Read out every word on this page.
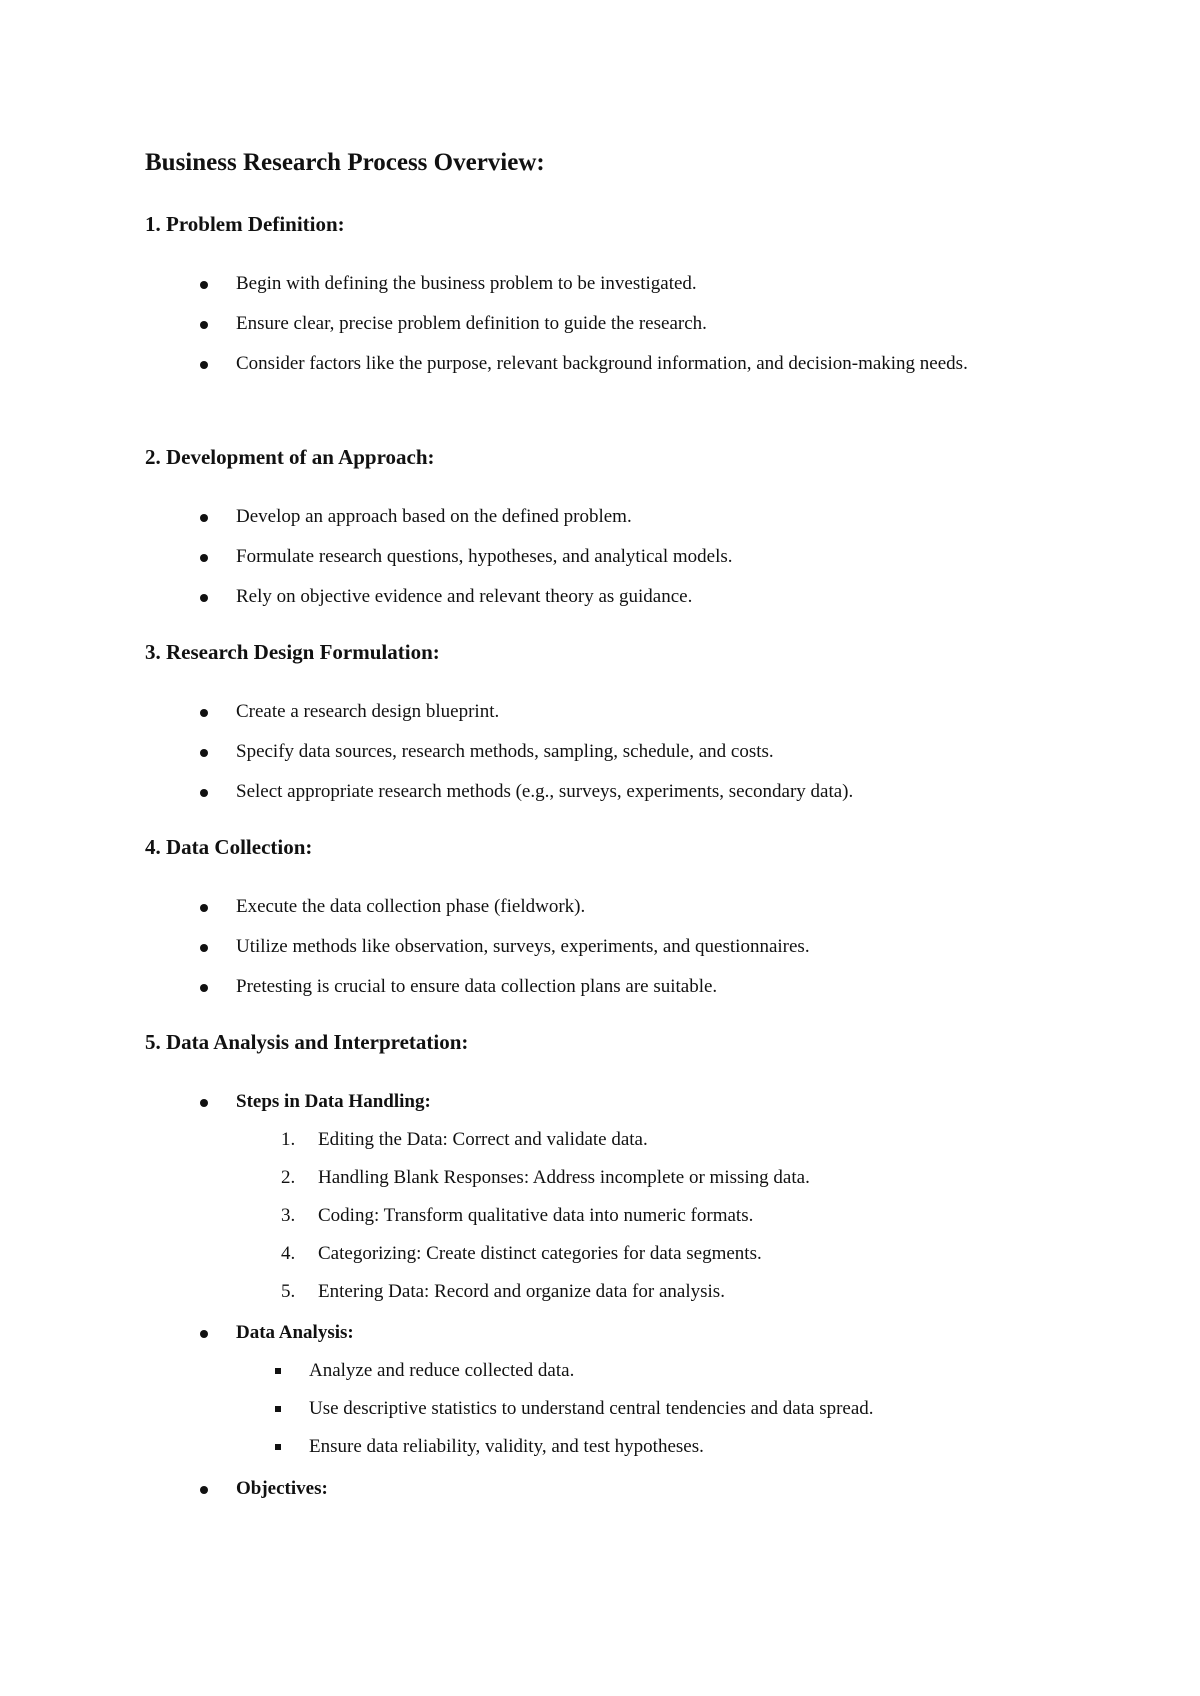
Business Research Process Overview:
1. Problem Definition:
Begin with defining the business problem to be investigated.
Ensure clear, precise problem definition to guide the research.
Consider factors like the purpose, relevant background information, and decision-making needs.
2. Development of an Approach:
Develop an approach based on the defined problem.
Formulate research questions, hypotheses, and analytical models.
Rely on objective evidence and relevant theory as guidance.
3. Research Design Formulation:
Create a research design blueprint.
Specify data sources, research methods, sampling, schedule, and costs.
Select appropriate research methods (e.g., surveys, experiments, secondary data).
4. Data Collection:
Execute the data collection phase (fieldwork).
Utilize methods like observation, surveys, experiments, and questionnaires.
Pretesting is crucial to ensure data collection plans are suitable.
5. Data Analysis and Interpretation:
Steps in Data Handling:
1.	Editing the Data: Correct and validate data.
2.	Handling Blank Responses: Address incomplete or missing data.
3.	Coding: Transform qualitative data into numeric formats.
4.	Categorizing: Create distinct categories for data segments.
5.	Entering Data: Record and organize data for analysis.
Data Analysis:
Analyze and reduce collected data.
Use descriptive statistics to understand central tendencies and data spread.
Ensure data reliability, validity, and test hypotheses.
Objectives:
